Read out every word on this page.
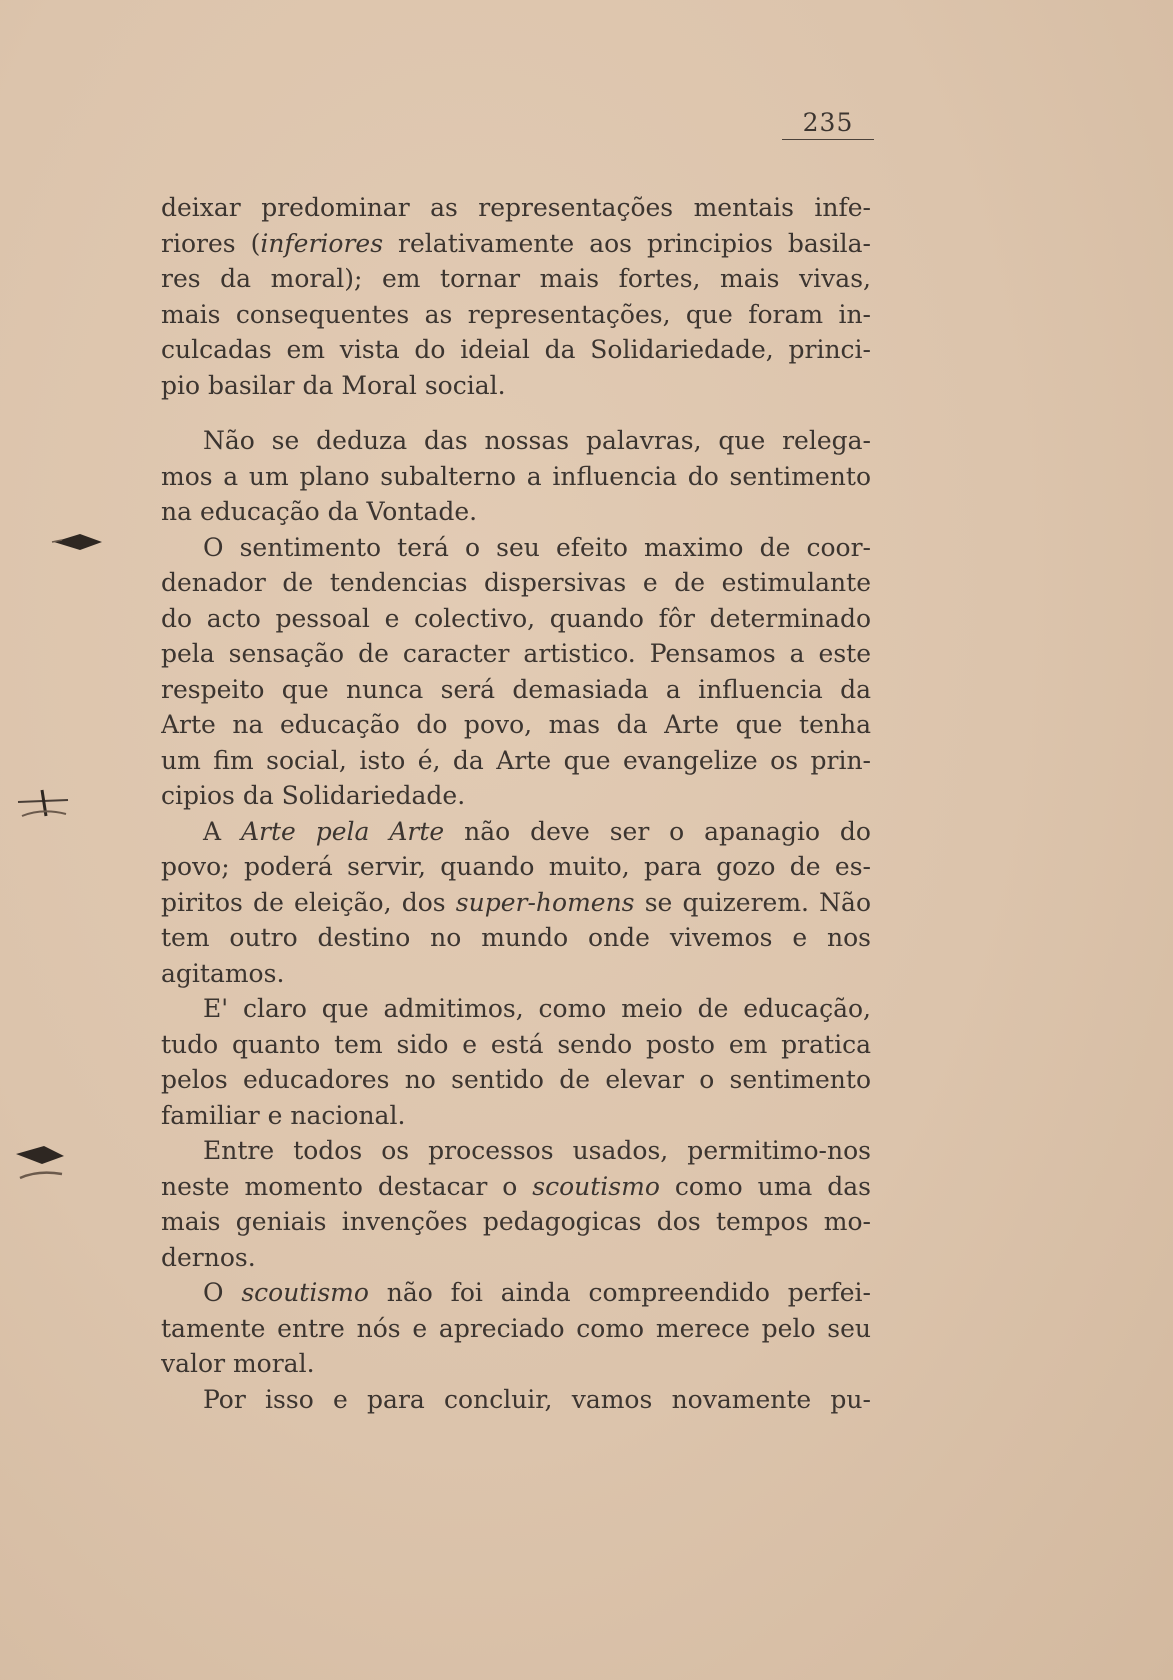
235
deixar predominar as representações mentais infe-
riores (inferiores relativamente aos principios basila-
res da moral); em tornar mais fortes, mais vivas,
mais consequentes as representações, que foram in-
culcadas em vista do ideial da Solidariedade, princi-
pio basilar da Moral social.
Não se deduza das nossas palavras, que relega-
mos a um plano subalterno a influencia do sentimento
na educação da Vontade.
O sentimento terá o seu efeito maximo de coor-
denador de tendencias dispersivas e de estimulante
do acto pessoal e colectivo, quando fôr determinado
pela sensação de caracter artistico. Pensamos a este
respeito que nunca será demasiada a influencia da
Arte na educação do povo, mas da Arte que tenha
um fim social, isto é, da Arte que evangelize os prin-
cipios da Solidariedade.
A Arte pela Arte não deve ser o apanagio do
povo; poderá servir, quando muito, para gozo de es-
piritos de eleição, dos super-homens se quizerem. Não
tem outro destino no mundo onde vivemos e nos
agitamos.
E' claro que admitimos, como meio de educação,
tudo quanto tem sido e está sendo posto em pratica
pelos educadores no sentido de elevar o sentimento
familiar e nacional.
Entre todos os processos usados, permitimo-nos
neste momento destacar o scoutismo como uma das
mais geniais invenções pedagogicas dos tempos mo-
dernos.
O scoutismo não foi ainda compreendido perfei-
tamente entre nós e apreciado como merece pelo seu
valor moral.
Por isso e para concluir, vamos novamente pu-
